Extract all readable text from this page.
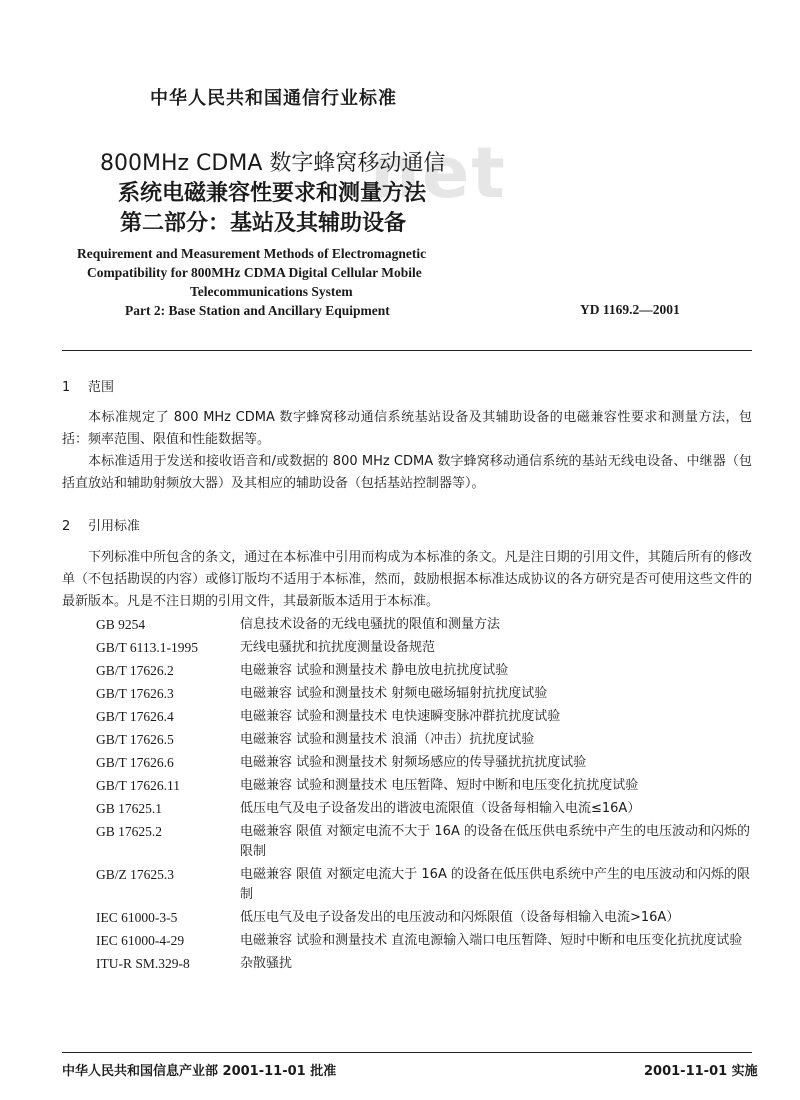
net
中华人民共和国通信行业标准
800MHz CDMA 数字蜂窝移动通信
系统电磁兼容性要求和测量方法
第二部分：基站及其辅助设备
Requirement and Measurement Methods of Electromagnetic
Compatibility for 800MHz CDMA Digital Cellular Mobile
Telecommunications System
Part 2: Base Station and Ancillary Equipment	YD 1169.2—2001
1 范围

本标准规定了 800 MHz CDMA 数字蜂窝移动通信系统基站设备及其辅助设备的电磁兼容性要求和测量方法，包括：频率范围、限值和性能数据等。

本标准适用于发送和接收语音和/或数据的 800 MHz CDMA 数字蜂窝移动通信系统的基站无线电设备、中继器（包括直放站和辅助射频放大器）及其相应的辅助设备（包括基站控制器等）。

2 引用标准

下列标准中所包含的条文，通过在本标准中引用而构成为本标准的条文。凡是注日期的引用文件，其随后所有的修改单（不包括勘误的内容）或修订版均不适用于本标准，然而，鼓励根据本标准达成协议的各方研究是否可使用这些文件的最新版本。凡是不注日期的引用文件，其最新版本适用于本标准。

GB 9254	信息技术设备的无线电骚扰的限值和测量方法
GB/T 6113.1-1995	无线电骚扰和抗扰度测量设备规范
GB/T 17626.2	电磁兼容 试验和测量技术 静电放电抗扰度试验
GB/T 17626.3	电磁兼容 试验和测量技术 射频电磁场辐射抗扰度试验
GB/T 17626.4	电磁兼容 试验和测量技术 电快速瞬变脉冲群抗扰度试验
GB/T 17626.5	电磁兼容 试验和测量技术 浪涌（冲击）抗扰度试验
GB/T 17626.6	电磁兼容 试验和测量技术 射频场感应的传导骚扰抗扰度试验
GB/T 17626.11	电磁兼容 试验和测量技术 电压暂降、短时中断和电压变化抗扰度试验
GB 17625.1	低压电气及电子设备发出的谐波电流限值（设备每相输入电流≤16A）
GB 17625.2	电磁兼容 限值 对额定电流不大于 16A 的设备在低压供电系统中产生的电压波动和闪烁的限制
GB/Z 17625.3	电磁兼容 限值 对额定电流大于 16A 的设备在低压供电系统中产生的电压波动和闪烁的限制
IEC 61000-3-5	低压电气及电子设备发出的电压波动和闪烁限值（设备每相输入电流>16A）
IEC 61000-4-29	电磁兼容 试验和测量技术 直流电源输入端口电压暂降、短时中断和电压变化抗扰度试验
ITU-R SM.329-8	杂散骚扰
中华人民共和国信息产业部 2001-11-01 批准	2001-11-01 实施
